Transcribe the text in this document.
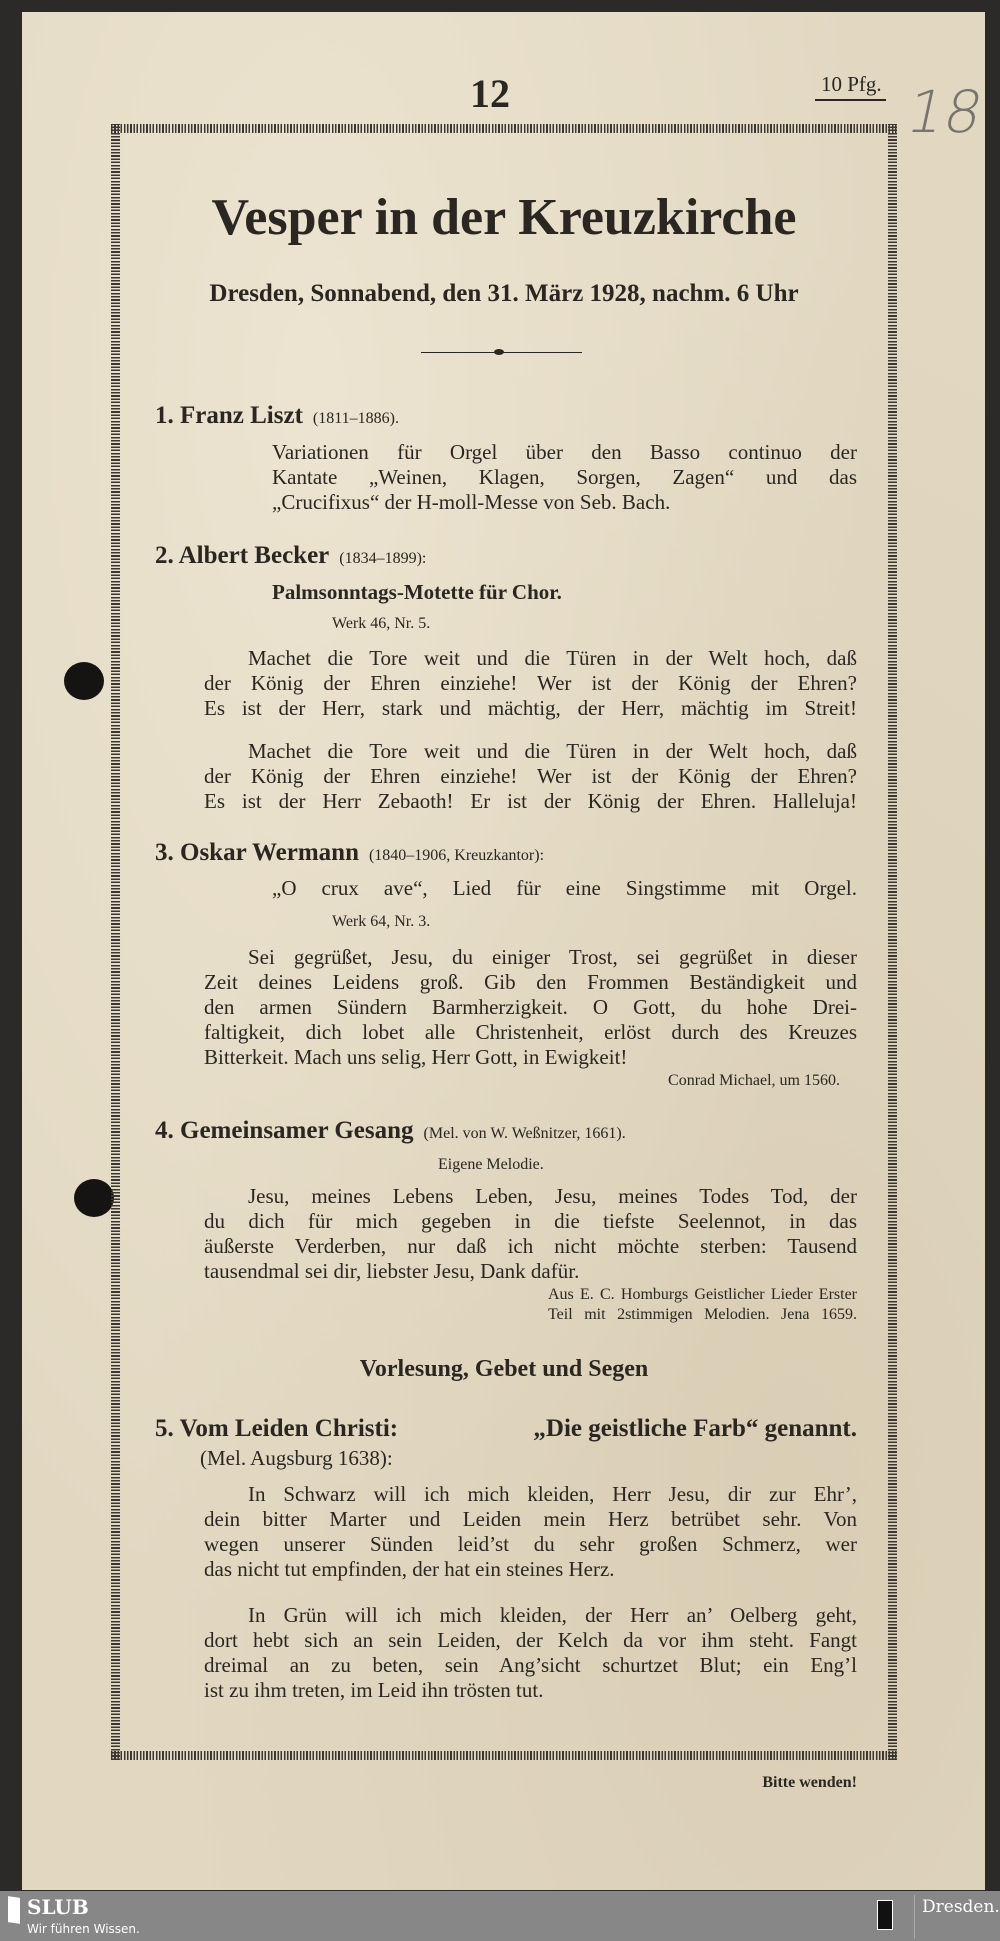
12	10 Pfg. 18
Vesper in der Kreuzkirche
Dresden, Sonnabend, den 31. März 1928, nachm. 6 Uhr
1. Franz Liszt (1811–1886).
2. Albert Becker (1834–1899):
3. Oskar Wermann (1840–1906, Kreuzkantor):
4. Gemeinsamer Gesang (Mel. von W. Weßnitzer, 1661).
5. Vom Leiden Christi:	„Die geistliche Farb“ genannt.
Vorlesung, Gebet und Segen
Bitte wenden!
Variationen für Orgel über den Basso continuo der
Kantate „Weinen, Klagen, Sorgen, Zagen“ und das
„Crucifixus“ der H-moll-Messe von Seb. Bach.
Palmsonntags-Motette für Chor.
Werk 46, Nr. 5.
Machet die Tore weit und die Türen in der Welt hoch, daß
der König der Ehren einziehe! Wer ist der König der Ehren?
Es ist der Herr, stark und mächtig, der Herr, mächtig im Streit!
Machet die Tore weit und die Türen in der Welt hoch, daß
der König der Ehren einziehe! Wer ist der König der Ehren?
Es ist der Herr Zebaoth! Er ist der König der Ehren. Halleluja!
„O crux ave“, Lied für eine Singstimme mit Orgel.
Werk 64, Nr. 3.
Sei gegrüßet, Jesu, du einiger Trost, sei gegrüßet in dieser
Zeit deines Leidens groß. Gib den Frommen Beständigkeit und
den armen Sündern Barmherzigkeit. O Gott, du hohe Drei-
faltigkeit, dich lobet alle Christenheit, erlöst durch des Kreuzes
Bitterkeit. Mach uns selig, Herr Gott, in Ewigkeit!
Conrad Michael, um 1560.
Eigene Melodie.
Jesu, meines Lebens Leben, Jesu, meines Todes Tod, der
du dich für mich gegeben in die tiefste Seelennot, in das
äußerste Verderben, nur daß ich nicht möchte sterben: Tausend
tausendmal sei dir, liebster Jesu, Dank dafür.
Aus E. C. Homburgs Geistlicher Lieder Erster
Teil mit 2stimmigen Melodien. Jena 1659.
(Mel. Augsburg 1638):
In Schwarz will ich mich kleiden, Herr Jesu, dir zur Ehr’,
dein bitter Marter und Leiden mein Herz betrübet sehr. Von
wegen unserer Sünden leid’st du sehr großen Schmerz, wer
das nicht tut empfinden, der hat ein steines Herz.
In Grün will ich mich kleiden, der Herr an’ Oelberg geht,
dort hebt sich an sein Leiden, der Kelch da vor ihm steht. Fangt
dreimal an zu beten, sein Ang’sicht schurtzet Blut; ein Eng’l
ist zu ihm treten, im Leid ihn trösten tut.
SLUB
Wir führen Wissen.
Dresden.
